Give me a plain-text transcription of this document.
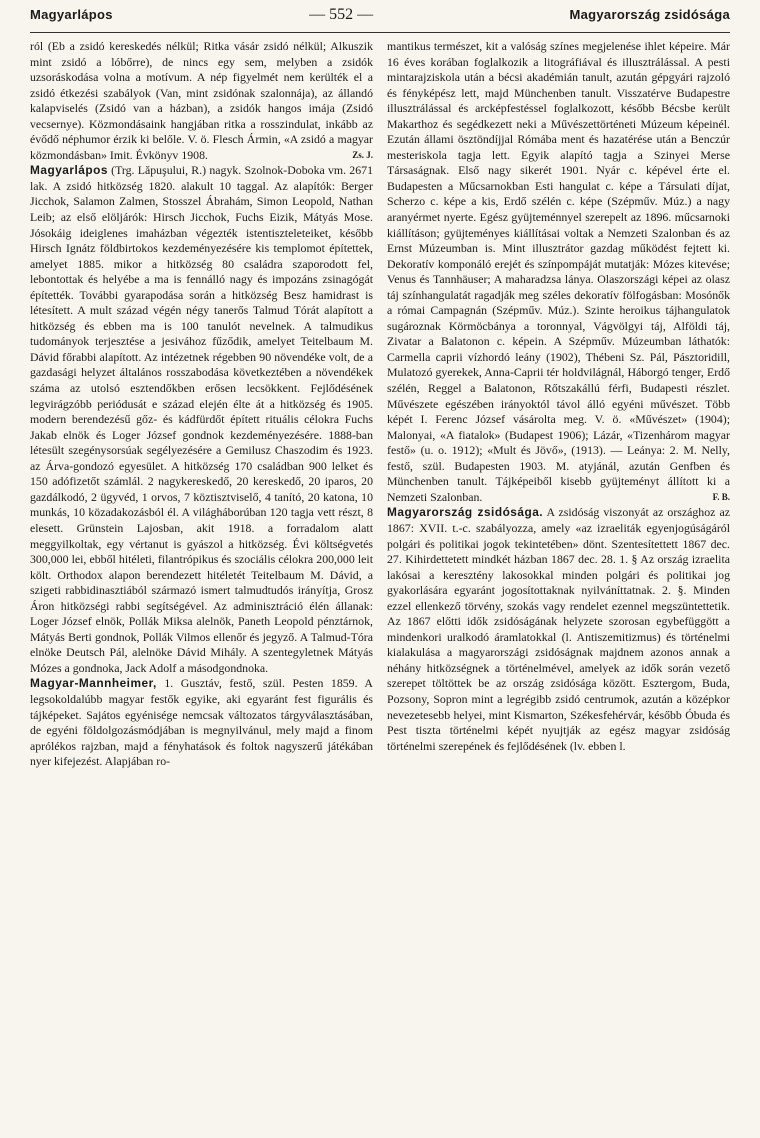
Magyarlápos	— 552 —	Magyarország zsidósága

ról (Eb a zsidó kereskedés nélkül; Ritka vásár zsidó nélkül; Alkuszik mint zsidó a lóbőrre), de nincs egy sem, melyben a zsidók uzsoráskodása volna a motívum. A nép figyelmét nem kerülték el a zsidó étkezési szabályok (Van, mint zsidónak szalonnája), az állandó kalapviselés (Zsidó van a házban), a zsidók hangos imája (Zsidó vecsernye). Közmondásaink hangjában ritka a rosszindulat, inkább az évődő néphumor érzik ki belőle. V. ö. Flesch Ármin, «A zsidó a magyar közmondásban» Imit. Évkönyv 1908.	Zs. J.

Magyarlápos (Trg. Lăpuşului, R.) nagyk. Szolnok-Doboka vm. 2671 lak. A zsidó hitközség 1820. alakult 10 taggal. Az alapítók: Berger Jicchok, Salamon Zalmen, Stosszel Ábrahám, Simon Leopold, Nathan Leib; az első elöljárók: Hirsch Jicchok, Fuchs Eizik, Mátyás Mose. Jósokáig ideiglenes imaházban végezték istentiszteleteiket, később Hirsch Ignátz földbirtokos kezdeményezésére kis templomot építettek, amelyet 1885. mikor a hitközség 80 családra szaporodott fel, lebontottak és helyébe a ma is fennálló nagy és impozáns zsinagógát építették. További gyarapodása során a hitközség Besz hamidrast is létesített. A mult század végén négy tanerős Talmud Tórát alapított a hitközség és ebben ma is 100 tanulót nevelnek. A talmudikus tudományok terjesztése a jesivához fűződik, amelyet Teitelbaum M. Dávid főrabbi alapított. Az intézetnek régebben 90 növendéke volt, de a gazdasági helyzet általános rosszabodása következtében a növendékek száma az utolsó esztendőkben erősen lecsökkent. Fejlődésének legvirágzóbb periódusát e század elején élte át a hitközség és 1905. modern berendezésű gőz- és kádfürdőt épített rituális célokra Fuchs Jakab elnök és Loger József gondnok kezdeményezésére. 1888-ban létesült szegénysorsúak segélyezésére a Gemilusz Chaszodim és 1923. az Árva-gondozó egyesület. A hitközség 170 családban 900 lelket és 150 adófizetőt számlál. 2 nagykereskedő, 20 kereskedő, 20 iparos, 20 gazdálkodó, 2 ügyvéd, 1 orvos, 7 köztisztviselő, 4 tanító, 20 katona, 10 munkás, 10 közadakozásból él. A világháborúban 120 tagja vett részt, 8 elesett. Grünstein Lajosban, akit 1918. a forradalom alatt meggyilkoltak, egy vértanut is gyászol a hitközség. Évi költségvetés 300,000 lei, ebből hitéleti, filantrópikus és szociális célokra 200,000 leit költ. Orthodox alapon berendezett hitéletét Teitelbaum M. Dávid, a szigeti rabbidinasztiából származó ismert talmudtudós irányítja, Grosz Áron hitközségi rabbi segítségével. Az adminisztráció élén állanak: Loger József elnök, Pollák Miksa alelnök, Paneth Leopold pénztárnok, Mátyás Berti gondnok, Pollák Vilmos ellenőr és jegyző. A Talmud-Tóra elnöke Deutsch Pál, alelnöke Dávid Mihály. A szentegyletnek Mátyás Mózes a gondnoka, Jack Adolf a másodgondnoka.

Magyar-Mannheimer, 1. Gusztáv, festő, szül. Pesten 1859. A legsokoldalúbb magyar festők egyike, aki egyaránt fest figurális és tájképeket. Sajátos egyénisége nemcsak változatos tárgyválasztásában, de egyéni földolgozásmódjában is megnyilvánul, mely majd a finom aprólékos rajzban, majd a fényhatások és foltok nagyszerű játékában nyer kifejezést. Alapjában ro-

mantikus természet, kit a valóság színes megjelenése ihlet képeire. Már 16 éves korában foglalkozik a litográfiával és illusztrálással. A pesti mintarajziskola után a bécsi akadémián tanult, azután gépgyári rajzoló és fényképész lett, majd Münchenben tanult. Visszatérve Budapestre illusztrálással és arcképfestéssel foglalkozott, később Bécsbe került Makarthoz és segédkezett neki a Művészettörténeti Múzeum képeinél. Ezután állami ösztöndíjjal Rómába ment és hazatérése után a Benczúr mesteriskola tagja lett. Egyik alapító tagja a Szinyei Merse Társaságnak. Első nagy sikerét 1901. Nyár c. képével érte el. Budapesten a Műcsarnokban Esti hangulat c. képe a Társulati díjat, Scherzo c. képe a kis, Erdő szélén c. képe (Szépműv. Múz.) a nagy aranyérmet nyerte. Egész gyüjteménnyel szerepelt az 1896. műcsarnoki kiállításon; gyüjteményes kiállításai voltak a Nemzeti Szalonban és az Ernst Múzeumban is. Mint illusztrátor gazdag működést fejtett ki. Dekoratív komponáló erejét és színpompáját mutatják: Mózes kitevése; Venus és Tannhäuser; A maharadzsa lánya. Olaszországi képei az olasz táj színhangulatát ragadják meg széles dekoratív fölfogásban: Mosónők a római Campagnán (Szépműv. Múz.). Szinte heroikus tájhangulatok sugároznak Körmöcbánya a toronnyal, Vágvölgyi táj, Alföldi táj, Zivatar a Balatonon c. képein. A Szépműv. Múzeumban láthatók: Carmella caprii vízhordó leány (1902), Thébeni Sz. Pál, Pásztoridill, Mulatozó gyerekek, Anna-Caprii tér holdvilágnál, Háborgó tenger, Erdő szélén, Reggel a Balatonon, Rőtszakállú férfi, Budapesti részlet. Művészete egészében irányoktól távol álló egyéni művészet. Több képét I. Ferenc József vásárolta meg. V. ö. «Művészet» (1904); Malonyai, «A fiatalok» (Budapest 1906); Lázár, «Tizenhárom magyar festő» (u. o. 1912); «Mult és Jövő», (1913). — Leánya: 2. M. Nelly, festő, szül. Budapesten 1903. M. atyjánál, azután Genfben és Münchenben tanult. Tájképeiből kisebb gyüjteményt állított ki a Nemzeti Szalonban.	F. B.

Magyarország zsidósága. A zsidóság viszonyát az országhoz az 1867: XVII. t.-c. szabályozza, amely «az izraeliták egyenjogúságáról polgári és politikai jogok tekintetében» dönt. Szentesítettett 1867 dec. 27. Kihirdettetett mindkét házban 1867 dec. 28. 1. § Az ország izraelita lakósai a keresztény lakosokkal minden polgári és politikai jog gyakorlására egyaránt jogosítottaknak nyilváníttatnak. 2. §. Minden ezzel ellenkező törvény, szokás vagy rendelet ezennel megszüntettetik. Az 1867 előtti idők zsidóságának helyzete szorosan egybefüggött a mindenkori uralkodó áramlatokkal (l. Antiszemitizmus) és történelmi kialakulása a magyarországi zsidóságnak majdnem azonos annak a néhány hitközségnek a történelmével, amelyek az idők során vezető szerepet töltöttek be az ország zsidósága között. Esztergom, Buda, Pozsony, Sopron mint a legrégibb zsidó centrumok, azután a középkor nevezetesebb helyei, mint Kismarton, Székesfehérvár, később Óbuda és Pest tiszta történelmi képét nyujtják az egész magyar zsidóság történelmi szerepének és fejlődésének (lv. ebben l.
